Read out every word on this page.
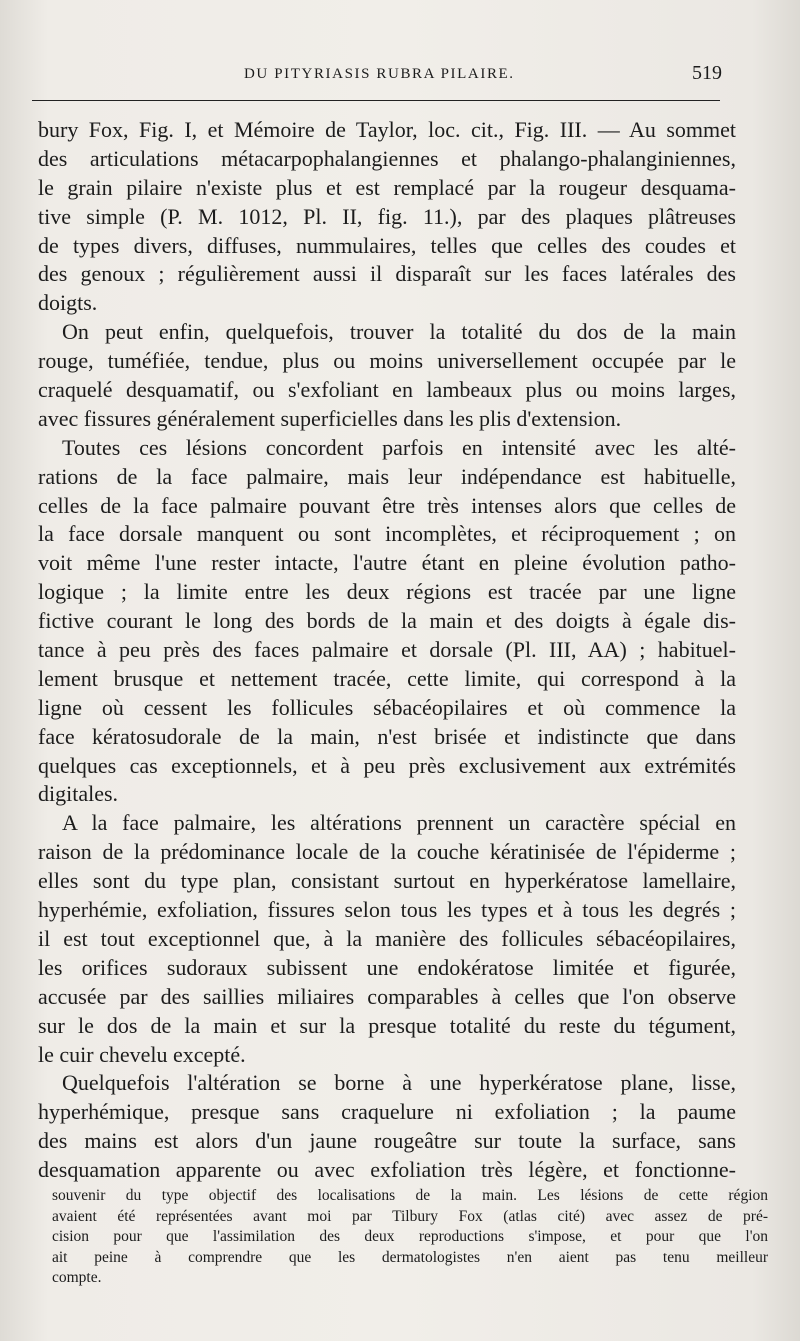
DU PITYRIASIS RUBRA PILAIRE.	519
bury Fox, Fig. I, et Mémoire de Taylor, loc. cit., Fig. III. — Au sommet
des articulations métacarpophalangiennes et phalango-phalanginiennes,
le grain pilaire n'existe plus et est remplacé par la rougeur desquama-
tive simple (P. M. 1012, Pl. II, fig. 11.), par des plaques plâtreuses
de types divers, diffuses, nummulaires, telles que celles des coudes et
des genoux ; régulièrement aussi il disparaît sur les faces latérales des
doigts.
On peut enfin, quelquefois, trouver la totalité du dos de la main
rouge, tuméfiée, tendue, plus ou moins universellement occupée par le
craquelé desquamatif, ou s'exfoliant en lambeaux plus ou moins larges,
avec fissures généralement superficielles dans les plis d'extension.
Toutes ces lésions concordent parfois en intensité avec les alté-
rations de la face palmaire, mais leur indépendance est habituelle,
celles de la face palmaire pouvant être très intenses alors que celles de
la face dorsale manquent ou sont incomplètes, et réciproquement ; on
voit même l'une rester intacte, l'autre étant en pleine évolution patho-
logique ; la limite entre les deux régions est tracée par une ligne
fictive courant le long des bords de la main et des doigts à égale dis-
tance à peu près des faces palmaire et dorsale (Pl. III, AA) ; habituel-
lement brusque et nettement tracée, cette limite, qui correspond à la
ligne où cessent les follicules sébacéopilaires et où commence la
face kératosudorale de la main, n'est brisée et indistincte que dans
quelques cas exceptionnels, et à peu près exclusivement aux extrémités
digitales.
A la face palmaire, les altérations prennent un caractère spécial en
raison de la prédominance locale de la couche kératinisée de l'épiderme ;
elles sont du type plan, consistant surtout en hyperkératose lamellaire,
hyperhémie, exfoliation, fissures selon tous les types et à tous les degrés ;
il est tout exceptionnel que, à la manière des follicules sébacéopilaires,
les orifices sudoraux subissent une endokératose limitée et figurée,
accusée par des saillies miliaires comparables à celles que l'on observe
sur le dos de la main et sur la presque totalité du reste du tégument,
le cuir chevelu excepté.
Quelquefois l'altération se borne à une hyperkératose plane, lisse,
hyperhémique, presque sans craquelure ni exfoliation ; la paume
des mains est alors d'un jaune rougeâtre sur toute la surface, sans
desquamation apparente ou avec exfoliation très légère, et fonctionne-
souvenir du type objectif des localisations de la main. Les lésions de cette région
avaient été représentées avant moi par Tilbury Fox (atlas cité) avec assez de pré-
cision pour que l'assimilation des deux reproductions s'impose, et pour que l'on
ait peine à comprendre que les dermatologistes n'en aient pas tenu meilleur
compte.
